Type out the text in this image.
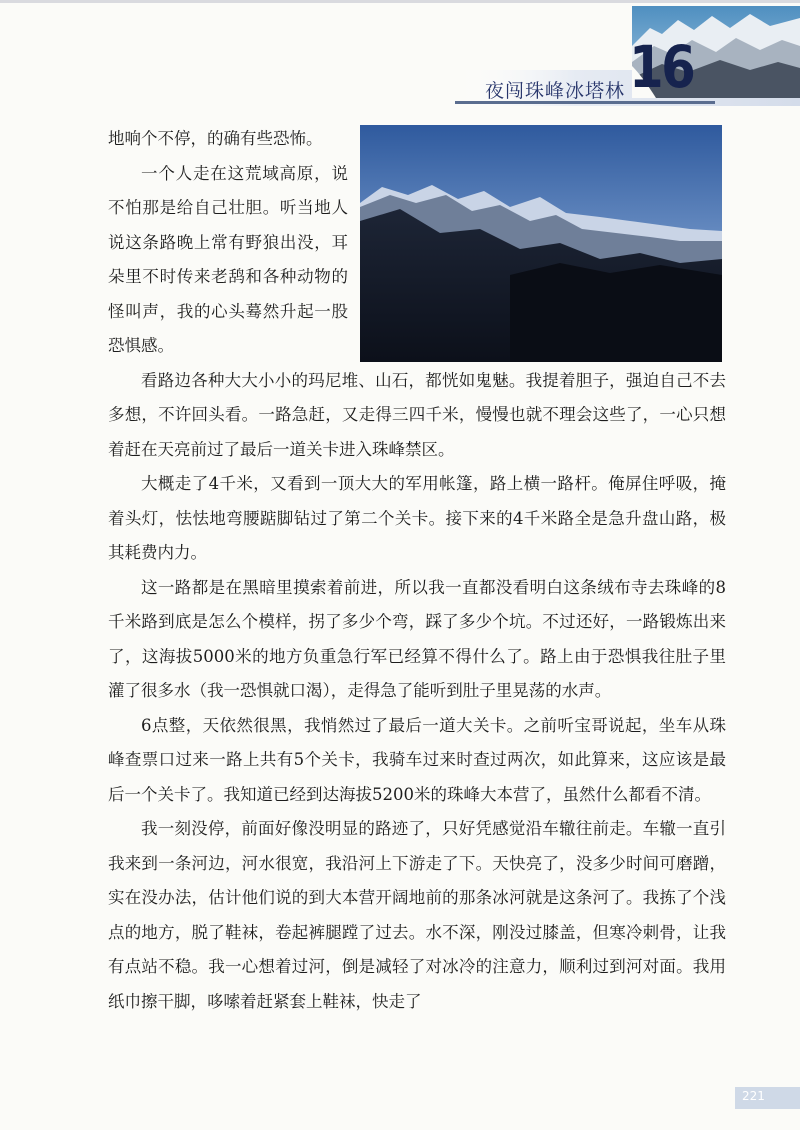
夜闯珠峰冰塔林 16

地响个不停，的确有些恐怖。

一个人走在这荒域高原，说不怕那是给自己壮胆。听当地人说这条路晚上常有野狼出没，耳朵里不时传来老鸹和各种动物的怪叫声，我的心头蓦然升起一股恐惧感。

看路边各种大大小小的玛尼堆、山石，都恍如鬼魅。我提着胆子，强迫自己不去多想，不许回头看。一路急赶，又走得三四千米，慢慢也就不理会这些了，一心只想着赶在天亮前过了最后一道关卡进入珠峰禁区。

大概走了4千米，又看到一顶大大的军用帐篷，路上横一路杆。俺屏住呼吸，掩着头灯，怯怯地弯腰踮脚钻过了第二个关卡。接下来的4千米路全是急升盘山路，极其耗费内力。

这一路都是在黑暗里摸索着前进，所以我一直都没看明白这条绒布寺去珠峰的8千米路到底是怎么个模样，拐了多少个弯，踩了多少个坑。不过还好，一路锻炼出来了，这海拔5000米的地方负重急行军已经算不得什么了。路上由于恐惧我往肚子里灌了很多水（我一恐惧就口渴），走得急了能听到肚子里晃荡的水声。

6点整，天依然很黑，我悄然过了最后一道大关卡。之前听宝哥说起，坐车从珠峰查票口过来一路上共有5个关卡，我骑车过来时查过两次，如此算来，这应该是最后一个关卡了。我知道已经到达海拔5200米的珠峰大本营了，虽然什么都看不清。

我一刻没停，前面好像没明显的路迹了，只好凭感觉沿车辙往前走。车辙一直引我来到一条河边，河水很宽，我沿河上下游走了下。天快亮了，没多少时间可磨蹭，实在没办法，估计他们说的到大本营开阔地前的那条冰河就是这条河了。我拣了个浅点的地方，脱了鞋袜，卷起裤腿蹚了过去。水不深，刚没过膝盖，但寒冷刺骨，让我有点站不稳。我一心想着过河，倒是减轻了对冰冷的注意力，顺利过到河对面。我用纸巾擦干脚，哆嗦着赶紧套上鞋袜，快走了

221
